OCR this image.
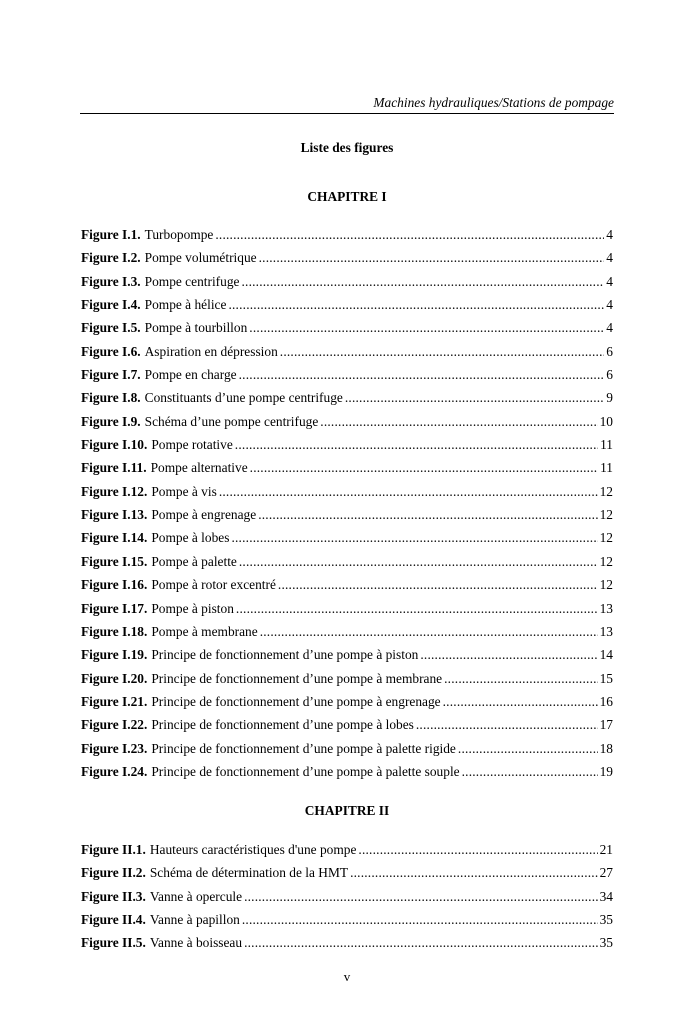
Machines hydrauliques/Stations de pompage
Liste des figures
CHAPITRE I
Figure I.1. Turbopompe .....	4
Figure I.2. Pompe volumétrique .....	4
Figure I.3. Pompe centrifuge .....	4
Figure I.4. Pompe à hélice .....	4
Figure I.5. Pompe à tourbillon .....	4
Figure I.6. Aspiration en dépression .....	6
Figure I.7. Pompe en charge .....	6
Figure I.8. Constituants d’une pompe centrifuge .....	9
Figure I.9. Schéma d’une pompe centrifuge .....	10
Figure I.10. Pompe rotative .....	11
Figure I.11. Pompe alternative .....	11
Figure I.12. Pompe à vis .....	12
Figure I.13. Pompe à engrenage .....	12
Figure I.14. Pompe à lobes .....	12
Figure I.15. Pompe à palette .....	12
Figure I.16. Pompe à rotor excentré .....	12
Figure I.17. Pompe à piston .....	13
Figure I.18. Pompe à membrane .....	13
Figure I.19. Principe de fonctionnement d’une pompe à piston .....	14
Figure I.20. Principe de fonctionnement d’une pompe à membrane .....	15
Figure I.21. Principe de fonctionnement d’une pompe à engrenage .....	16
Figure I.22. Principe de fonctionnement d’une pompe à lobes .....	17
Figure I.23. Principe de fonctionnement d’une pompe à palette rigide .....	18
Figure I.24. Principe de fonctionnement d’une pompe à palette souple .....	19
CHAPITRE II
Figure II.1. Hauteurs caractéristiques d'une pompe .....	21
Figure II.2. Schéma de détermination de la HMT .....	27
Figure II.3. Vanne à opercule .....	34
Figure II.4. Vanne à papillon .....	35
Figure II.5. Vanne à boisseau .....	35
v
